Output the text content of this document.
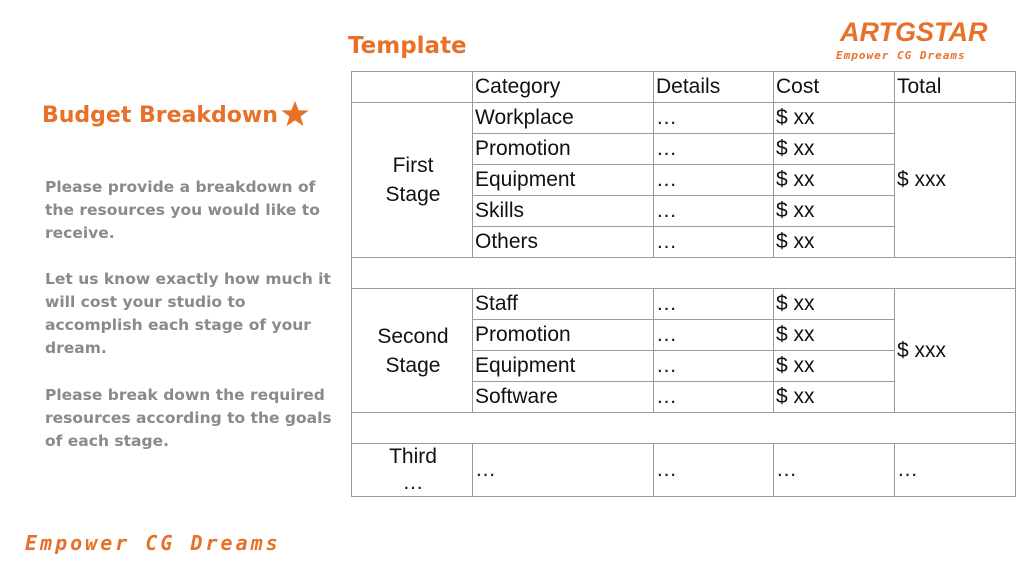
Budget Breakdown

Please provide a breakdown of the resources you would like to receive.

Let us know exactly how much it will cost your studio to accomplish each stage of your dream.

Please break down the required resources according to the goals of each stage.

Empower CG Dreams
Template	ARTGSTAR
Empower CG Dreams
	Category	Details	Cost	Total

First
Stage	Workplace	…	$ xx	$ xxx
	Promotion	…	$ xx	
	Equipment	…	$ xx	
	Skills	…	$ xx	
	Others	…	$ xx	

Second
Stage	Staff	…	$ xx	$ xxx
	Promotion	…	$ xx	
	Equipment	…	$ xx	
	Software	…	$ xx	

Third
…	…	…	…	…
